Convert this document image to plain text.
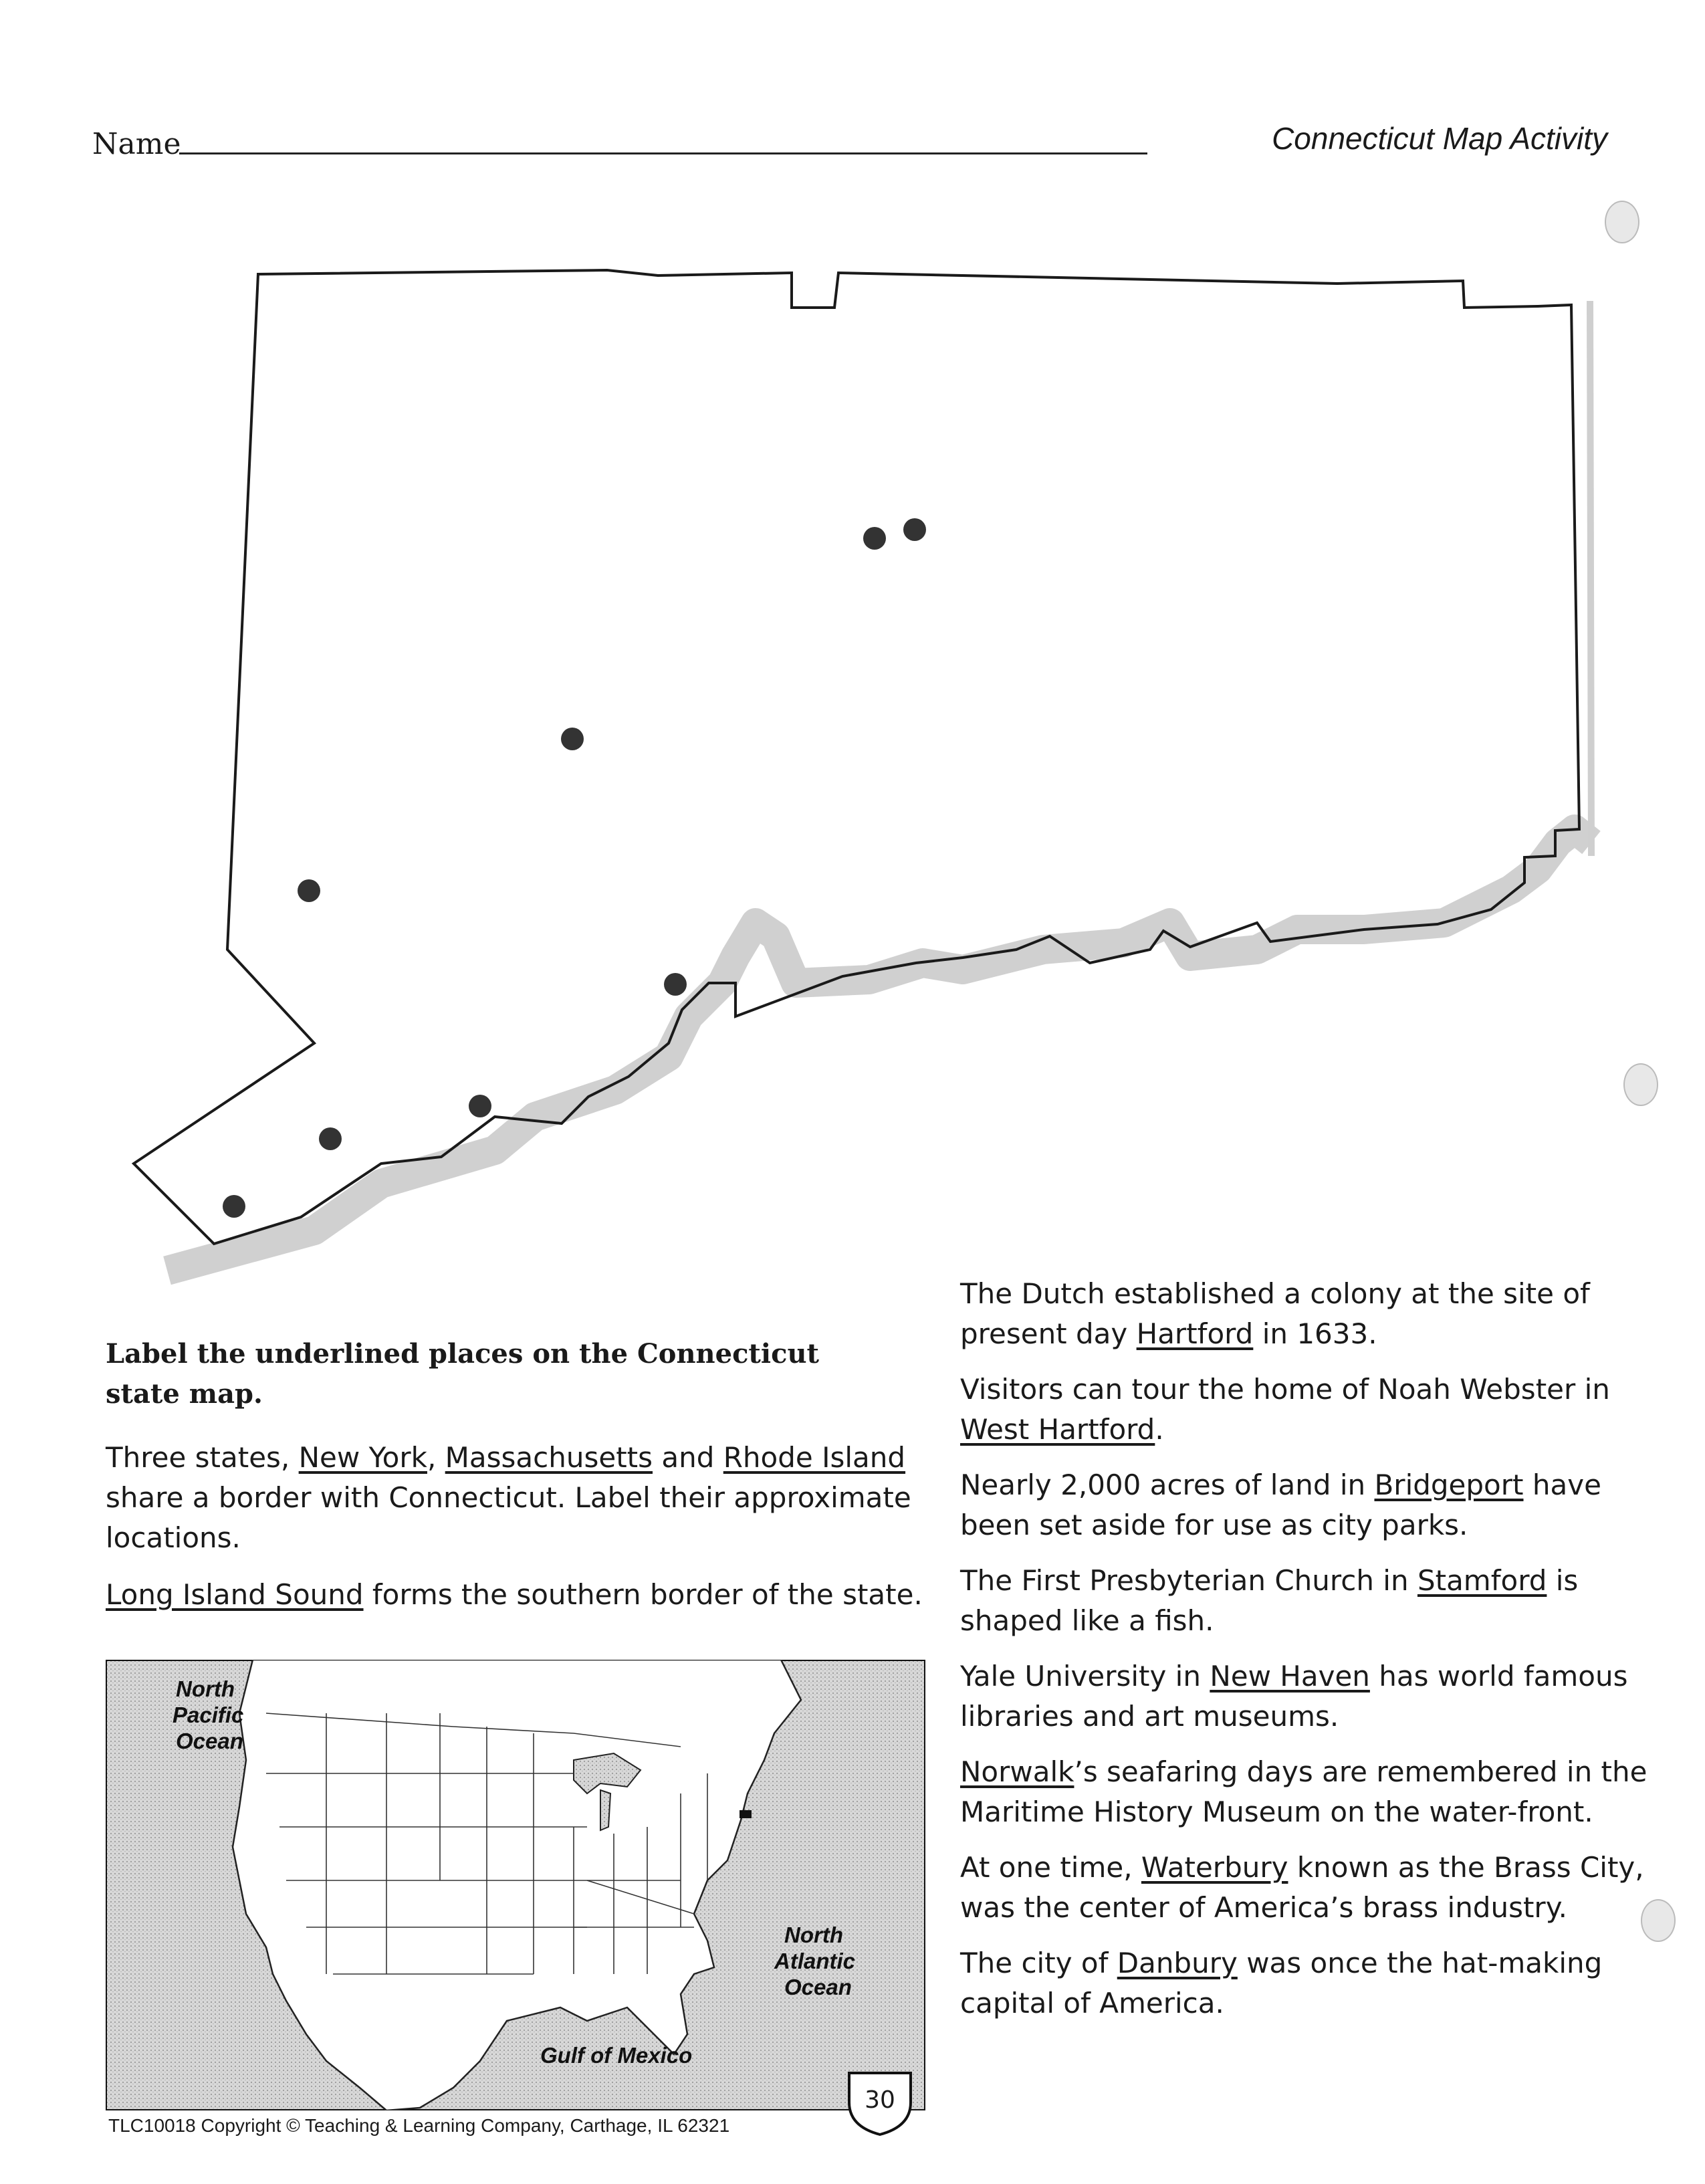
Name	Connecticut Map Activity
Label the underlined places on the Connecticut state map.
Three states, New York, Massachusetts and Rhode Island share a border with Connecticut. Label their approximate locations.
Long Island Sound forms the southern border of the state.
The Dutch established a colony at the site of present day Hartford in 1633.
Visitors can tour the home of Noah Webster in West Hartford.
Nearly 2,000 acres of land in Bridgeport have been set aside for use as city parks.
The First Presbyterian Church in Stamford is shaped like a fish.
Yale University in New Haven has world famous libraries and art museums.
Norwalk’s seafaring days are remembered in the Maritime History Museum on the water-front.
At one time, Waterbury known as the Brass City, was the center of America’s brass industry.
The city of Danbury was once the hat-making capital of America.
North
Pacific
Ocean
North
Atlantic
Ocean
Gulf of Mexico
30
TLC10018 Copyright © Teaching & Learning Company, Carthage, IL 62321
